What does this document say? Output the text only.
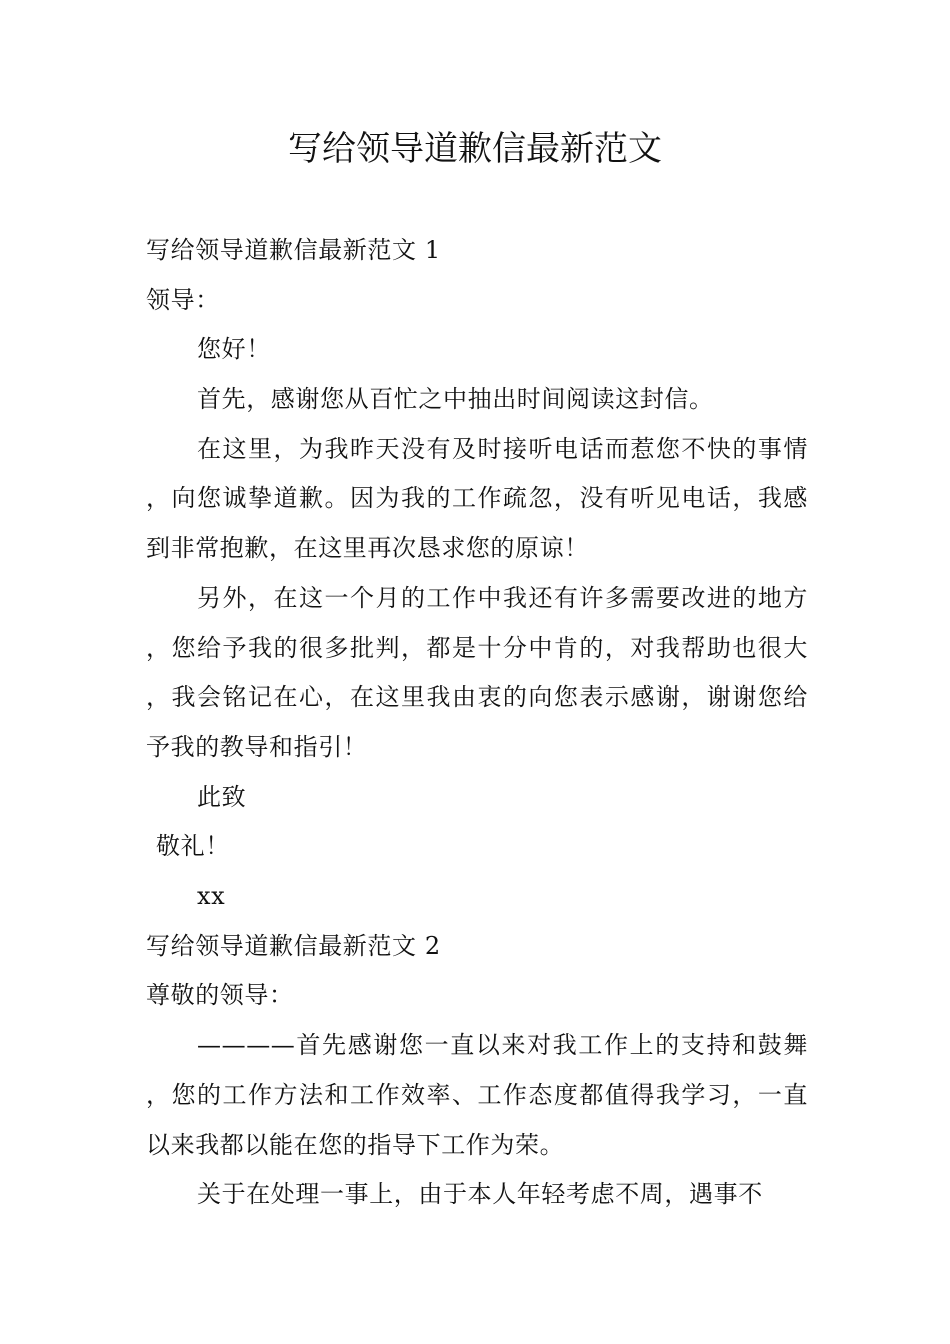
写给领导道歉信最新范文
写给领导道歉信最新范文 1
领导：
您好！
首先，感谢您从百忙之中抽出时间阅读这封信。

在这里，为我昨天没有及时接听电话而惹您不快的事情，向您诚挚道歉。因为我的工作疏忽，没有听见电话，我感到非常抱歉，在这里再次恳求您的原谅！

另外，在这一个月的工作中我还有许多需要改进的地方，您给予我的很多批判，都是十分中肯的，对我帮助也很大，我会铭记在心，在这里我由衷的向您表示感谢，谢谢您给予我的教导和指引！

此致
敬礼！
xx
写给领导道歉信最新范文 2
尊敬的领导：

————首先感谢您一直以来对我工作上的支持和鼓舞，您的工作方法和工作效率、工作态度都值得我学习，一直以来我都以能在您的指导下工作为荣。

关于在处理一事上，由于本人年轻考虑不周，遇事不
